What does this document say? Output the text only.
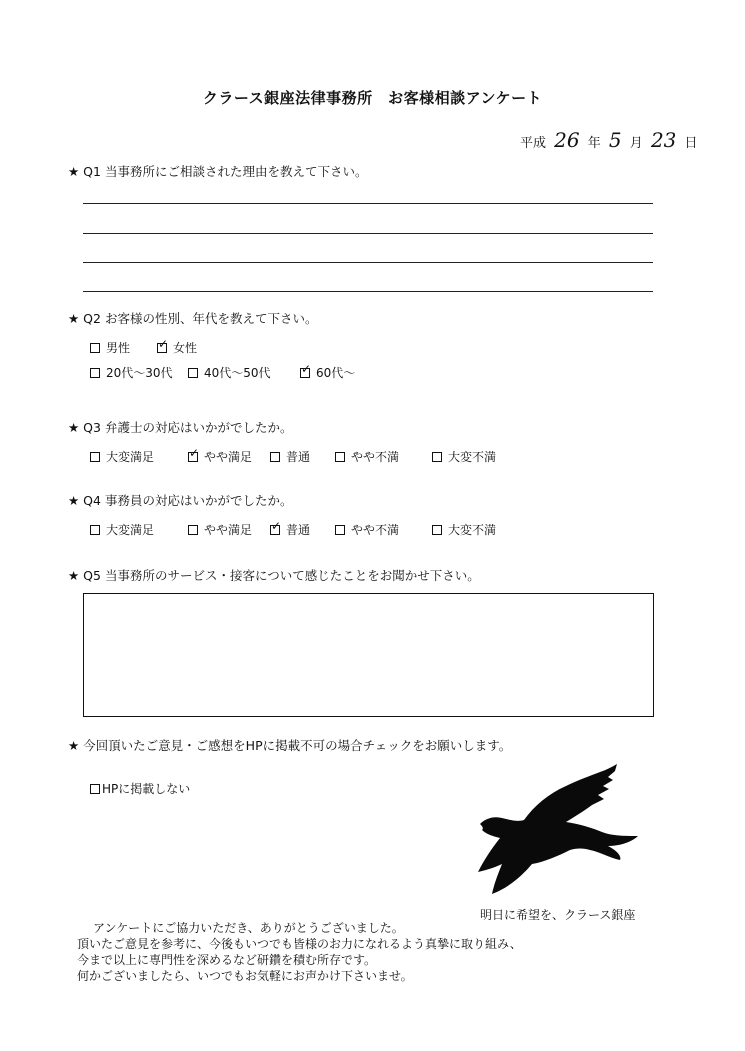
クラース銀座法律事務所　お客様相談アンケート
平成 26 年 5 月 23 日
★ Q1 当事務所にご相談された理由を教えて下さい。
★ Q2 お客様の性別、年代を教えて下さい。
男性 ✓	女性
20代～30代	40代～50代 ✓	60代～
★ Q3 弁護士の対応はいかがでしたか。
大変満足 ✓	やや満足	普通	やや不満	大変不満
★ Q4 事務員の対応はいかがでしたか。
大変満足	やや満足 ✓	普通	やや不満	大変不満
★ Q5 当事務所のサービス・接客について感じたことをお聞かせ下さい。
★ 今回頂いたご意見・ご感想をHPに掲載不可の場合チェックをお願いします。
HPに掲載しない
明日に希望を、クラース銀座
アンケートにご協力いただき、ありがとうございました。
頂いたご意見を参考に、今後もいつでも皆様のお力になれるよう真摯に取り組み、
今まで以上に専門性を深めるなど研鑽を積む所存です。
何かございましたら、いつでもお気軽にお声かけ下さいませ。
